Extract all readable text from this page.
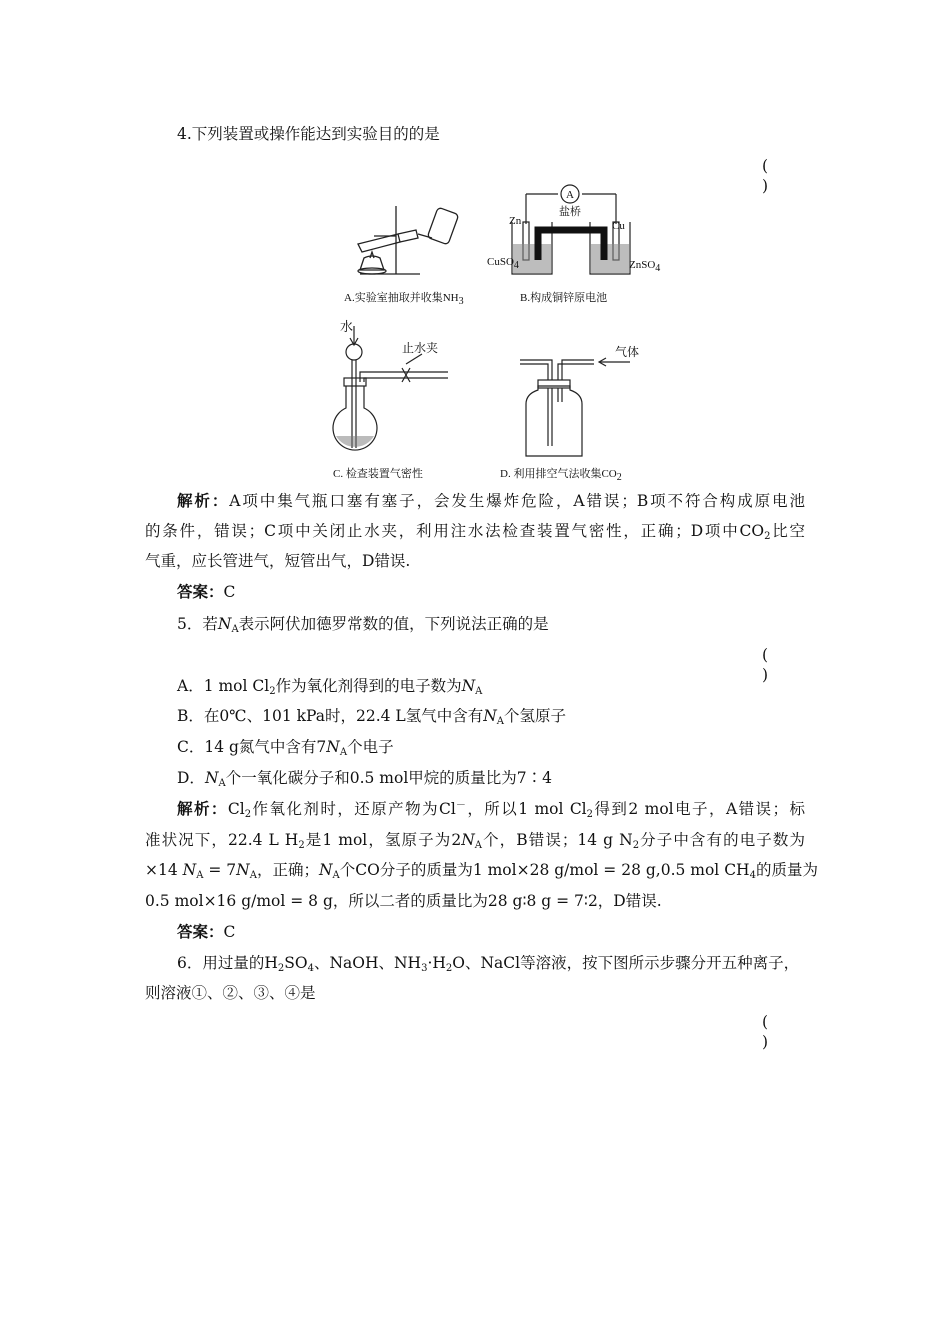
4.下列装置或操作能达到实验目的的是
( )
A.实验室抽取并收集$NH_3$
A
盐桥
Zn	Cu
CuSO$_4$	ZnSO$_4$
B.构成铜锌原电池
水
止水夹
C. 检查装置气密性
气体
D. 利用排空气法收集$CO_2$
解析：A项中集气瓶口塞有塞子，会发生爆炸危险，A错误；B项不符合构成原电池
的条件，错误；C项中关闭止水夹，利用注水法检查装置气密性，正确；D项中$CO_2$比空
气重，应长管进气，短管出气，D错误.
答案：C
5．若$N_A$表示阿伏加德罗常数的值，下列说法正确的是
( )
A．1 mol $Cl_2$作为氧化剂得到的电子数为$N_A$
B．在0℃、101 kPa时，22.4 L氢气中含有$N_A$个氢原子
C．14 g氮气中含有$7N_A$个电子
D．$N_A$个一氧化碳分子和0.5 mol甲烷的质量比为7∶4
解析：$Cl_2$作氧化剂时，还原产物为Cl－，所以1 mol $Cl_2$得到2 mol电子，A错误；标
准状况下，22.4 L $H_2$是1 mol，氢原子为$2N_A$个，B错误；14 g $N_2$分子中含有的电子数为
×14 $N_A = 7N_A$，正确；$N_A$个CO分子的质量为1 mol×28 g/mol = 28 g,0.5 mol $CH_4$的质量为
0.5 mol×16 g/mol = 8 g，所以二者的质量比为28 g∶8 g = 7∶2，D错误.
答案：C
6．用过量的$H_2SO_4$、NaOH、$NH_3\cdot H_2O$、NaCl等溶液，按下图所示步骤分开五种离子，
则溶液①、②、③、④是
( )
